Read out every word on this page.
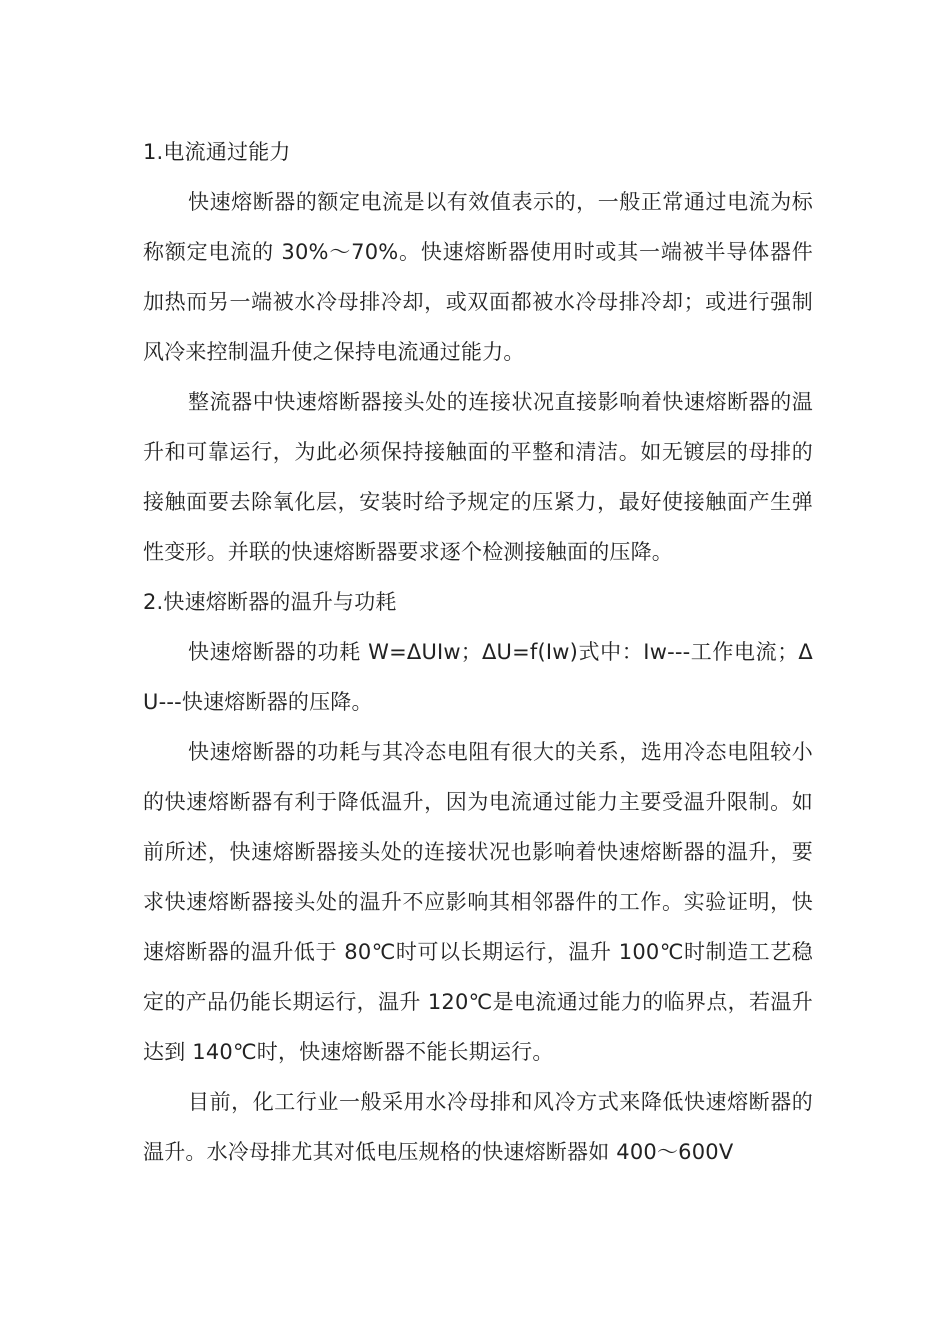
1.电流通过能力

快速熔断器的额定电流是以有效值表示的，一般正常通过电流为标称额定电流的 30%～70%。快速熔断器使用时或其一端被半导体器件加热而另一端被水冷母排冷却，或双面都被水冷母排冷却；或进行强制风冷来控制温升使之保持电流通过能力。

整流器中快速熔断器接头处的连接状况直接影响着快速熔断器的温升和可靠运行，为此必须保持接触面的平整和清洁。如无镀层的母排的接触面要去除氧化层，安装时给予规定的压紧力，最好使接触面产生弹性变形。并联的快速熔断器要求逐个检测接触面的压降。

2.快速熔断器的温升与功耗

快速熔断器的功耗 W=ΔUIw；ΔU=f(Iw)式中：Iw---工作电流；ΔU---快速熔断器的压降。

快速熔断器的功耗与其冷态电阻有很大的关系，选用冷态电阻较小的快速熔断器有利于降低温升，因为电流通过能力主要受温升限制。如前所述，快速熔断器接头处的连接状况也影响着快速熔断器的温升，要求快速熔断器接头处的温升不应影响其相邻器件的工作。实验证明，快速熔断器的温升低于 80℃时可以长期运行，温升 100℃时制造工艺稳定的产品仍能长期运行，温升 120℃是电流通过能力的临界点，若温升达到 140℃时，快速熔断器不能长期运行。

目前，化工行业一般采用水冷母排和风冷方式来降低快速熔断器的温升。水冷母排尤其对低电压规格的快速熔断器如 400～600V
